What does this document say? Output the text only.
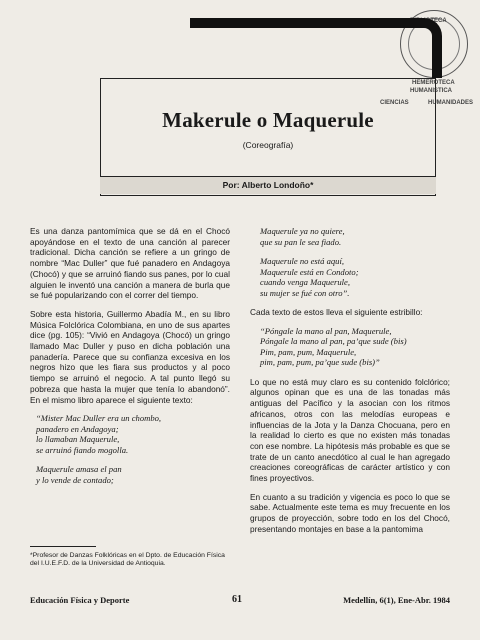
BIBLIOTECA
HEMEROTECA
HUMANISTICA
CIENCIAS	HUMANIDADES
Makerule o Maquerule
(Coreografía)
Por: Alberto Londoño*

Es una danza pantomímica que se dá en el Chocó apoyándose en el texto de una canción al parecer tradicional. Dicha canción se refiere a un gringo de nombre “Mac Duller” que fué panadero en Andagoya (Chocó) y que se arruinó fiando sus panes, por lo cual alguien le inventó una canción a manera de burla que se fué popularizando con el correr del tiempo.

Sobre esta historia, Guillermo Abadía M., en su libro Música Folclórica Colombiana, en uno de sus apartes dice (pg. 105): “Vivió en Andagoya (Chocó) un gringo llamado Mac Duller y puso en dicha población una panadería. Parece que su confianza excesiva en los negros hizo que les fiara sus productos y al poco tiempo se arruinó el negocio. A tal punto llegó su pobreza que hasta la mujer que tenía lo abandonó”. En el mismo libro aparece el siguiente texto:

“Mister Mac Duller era un chombo,
panadero en Andagoya;
lo llamaban Maquerule,
se arruinó fiando mogolla.
Maquerule amasa el pan
y lo vende de contado;
Maquerule ya no quiere,
que su pan le sea fiado.
Maquerule no está aquí,
Maquerule está en Condoto;
cuando venga Maquerule,
su mujer se fué con otro”.

Cada texto de estos lleva el siguiente estribillo:

“Póngale la mano al pan, Maquerule,
Póngale la mano al pan, pa’que sude (bis)
Pim, pam, pum, Maquerule,
pim, pam, pum, pa’que sude (bis)”

Lo que no está muy claro es su contenido folclórico; algunos opinan que es una de las tonadas más antiguas del Pacífico y la asocian con los ritmos africanos, otros con las melodías europeas e influencias de la Jota y la Danza Chocuana, pero en la realidad lo cierto es que no existen más tonadas con ese nombre. La hipótesis más probable es que se trate de un canto anecdótico al cual le han agregado creaciones coreográficas de carácter artístico y con fines proyectivos.

En cuanto a su tradición y vigencia es poco lo que se sabe. Actualmente este tema es muy frecuente en los grupos de proyección, sobre todo en los del Chocó, presentando montajes en base a la pantomima

*Profesor de Danzas Folklóricas en el Dpto. de Educación Física del I.U.E.F.D. de la Universidad de Antioquia.
Educación Física y Deporte	61	Medellín, 6(1), Ene-Abr. 1984
